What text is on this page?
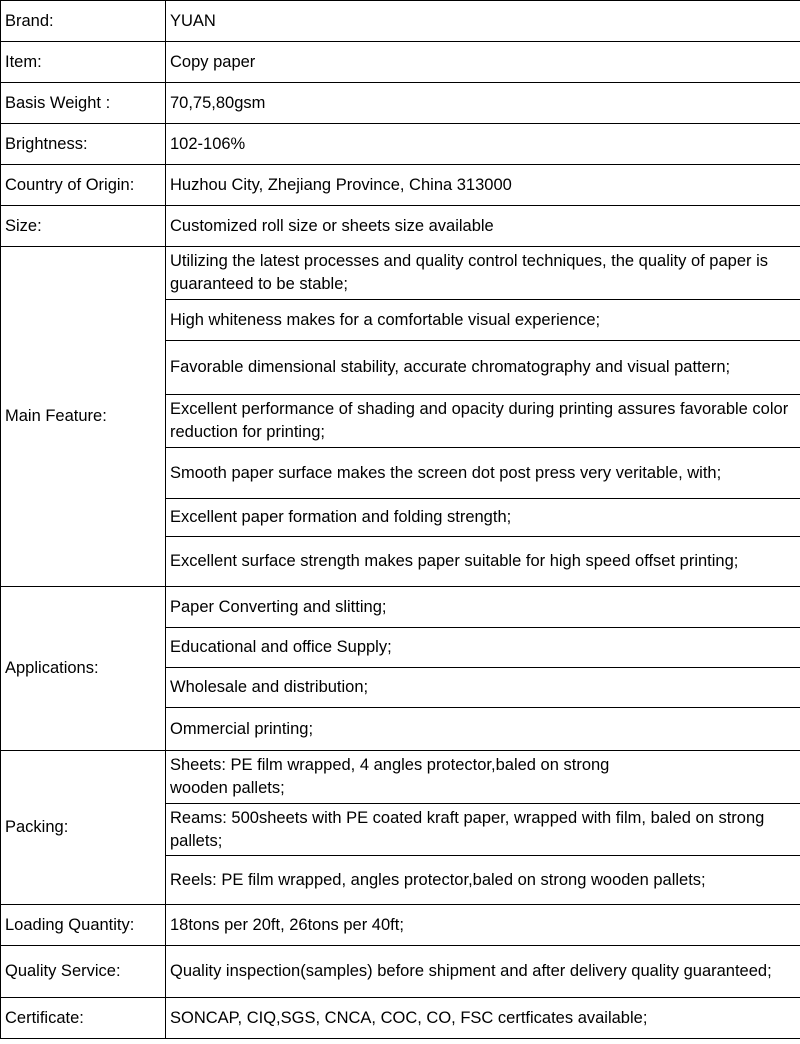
Brand:	YUAN
Item:	Copy paper
Basis Weight :	70,75,80gsm
Brightness:	102-106%
Country of Origin:	Huzhou City, Zhejiang Province, China 313000
Size:	Customized roll size or sheets size available
Main Feature:	Utilizing the latest processes and quality control techniques, the quality of paper is guaranteed to be stable;
	High whiteness makes for a comfortable visual experience;
	Favorable dimensional stability, accurate chromatography and visual pattern;
	Excellent performance of shading and opacity during printing assures favorable color reduction for printing;
	Smooth paper surface makes the screen dot post press very veritable, with;
	Excellent paper formation and folding strength;
	Excellent surface strength makes paper suitable for high speed offset printing;
Applications:	Paper Converting and slitting;
	Educational and office Supply;
	Wholesale and distribution;
	Ommercial printing;
Packing:	Sheets: PE film wrapped, 4 angles protector,baled on strong
wooden pallets;
	Reams: 500sheets with PE coated kraft paper, wrapped with film, baled on strong pallets;
	Reels: PE film wrapped, angles protector,baled on strong wooden pallets;
Loading Quantity:	18tons per 20ft, 26tons per 40ft;
Quality Service:	Quality inspection(samples) before shipment and after delivery quality guaranteed;
Certificate:	SONCAP, CIQ,SGS, CNCA, COC, CO, FSC certficates available;
